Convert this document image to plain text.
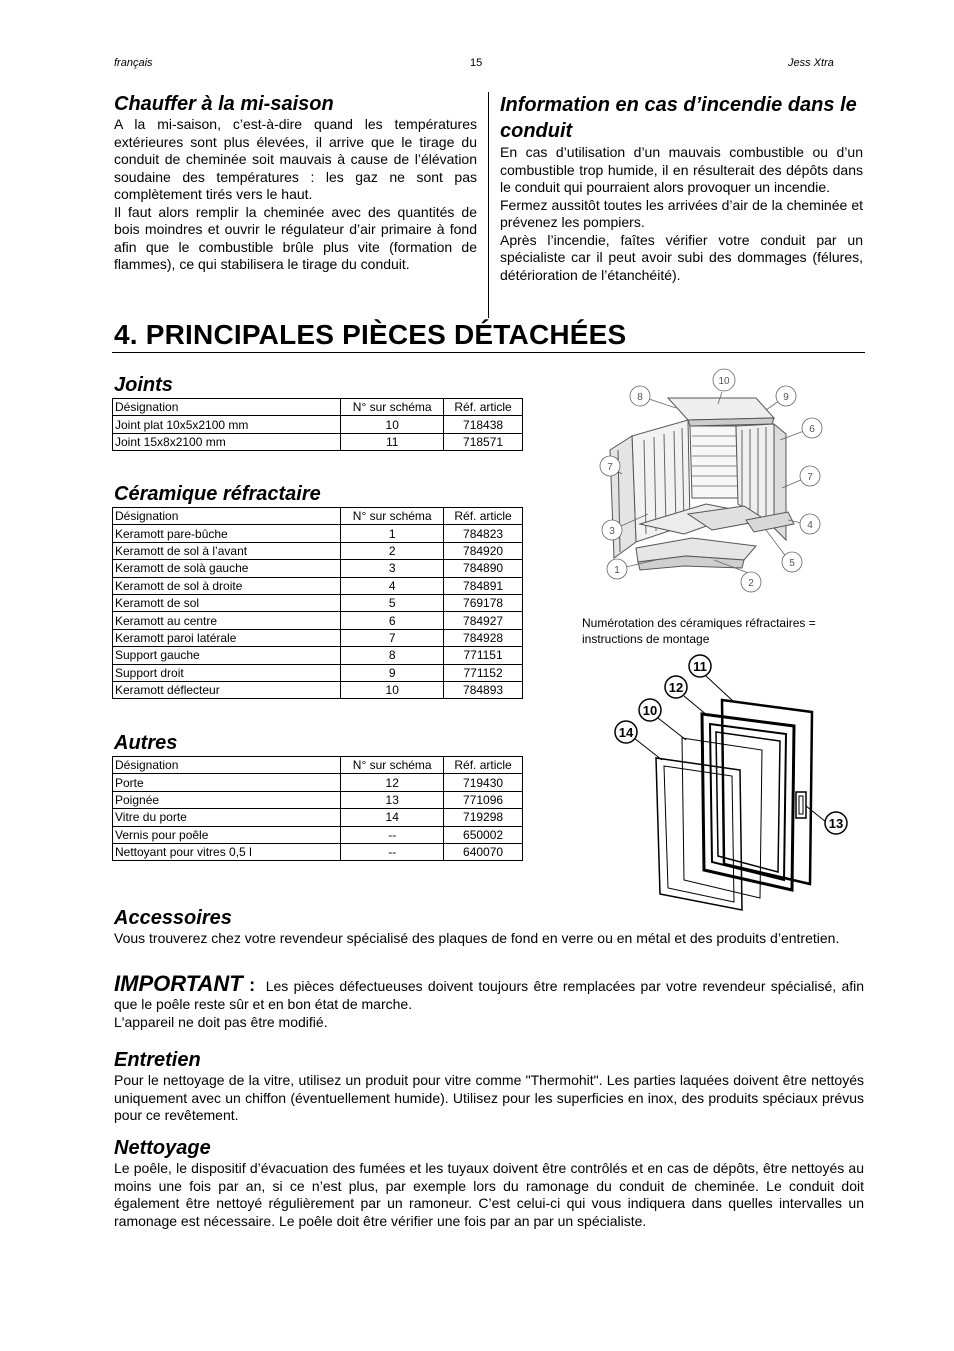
français	15	Jess Xtra
Chauffer à la mi-saison

A la mi-saison, c’est-à-dire quand les températures extérieures sont plus élevées, il arrive que le tirage du conduit de cheminée soit mauvais à cause de l’élévation soudaine des températures : les gaz ne sont pas complètement tirés vers le haut.

Il faut alors remplir la cheminée avec des quantités de bois moindres et ouvrir le régulateur d’air primaire à fond afin que le combustible brûle plus vite (formation de flammes), ce qui stabilisera le tirage du conduit.

Information en cas d’incendie dans le conduit

En cas d’utilisation d’un mauvais combustible ou d’un combustible trop humide, il en résulterait des dépôts dans le conduit qui pourraient alors provoquer un incendie.

Fermez aussitôt toutes les arrivées d’air de la cheminée et prévenez les pompiers.

Après l’incendie, faîtes vérifier votre conduit par un spécialiste car il peut avoir subi des dommages (félures, détérioration de l’étanchéité).

4. PRINCIPALES PIÈCES DÉTACHÉES
Joints
Désignation	N° sur schéma	Réf. article
Joint plat 10x5x2100 mm	10	718438
Joint 15x8x2100 mm	11	718571
Céramique réfractaire
Désignation	N° sur schéma	Réf. article
Keramott pare-bûche	1	784823
Keramott de sol à l’avant	2	784920
Keramott de solà gauche	3	784890
Keramott de sol à droite	4	784891
Keramott de sol	5	769178
Keramott au centre	6	784927
Keramott paroi latérale	7	784928
Support gauche	8	771151
Support droit	9	771152
Keramott déflecteur	10	784893
Autres
Désignation	N° sur schéma	Réf. article
Porte	12	719430
Poignée	13	771096
Vitre du porte	14	719298
Vernis pour poêle	--	650002
Nettoyant pour vitres 0,5 l	--	640070
1
2
3
4
5
6
7
7
8	9
10
Numérotation des céramiques réfractaires = instructions de montage
11
12
10
14
13
Accessoires

Vous trouverez chez votre revendeur spécialisé des plaques de fond en verre ou en métal et des produits d’entretien.

IMPORTANT : Les pièces défectueuses doivent toujours être remplacées par votre revendeur spécialisé, afin que le poêle reste sûr et en bon état de marche.

L'appareil ne doit pas être modifié.

Entretien

Pour le nettoyage de la vitre, utilisez un produit pour vitre comme "Thermohit". Les parties laquées doivent être nettoyés uniquement avec un chiffon (éventuellement humide). Utilisez pour les superficies en inox, des produits spéciaux prévus pour ce revêtement.

Nettoyage

Le poêle, le dispositif d’évacuation des fumées et les tuyaux doivent être contrôlés et en cas de dépôts, être nettoyés au moins une fois par an, si ce n’est plus, par exemple lors du ramonage du conduit de cheminée. Le conduit doit également être nettoyé régulièrement par un ramoneur. C’est celui-ci qui vous indiquera dans quelles intervalles un ramonage est nécessaire. Le poêle doit être vérifier une fois par an par un spécialiste.
